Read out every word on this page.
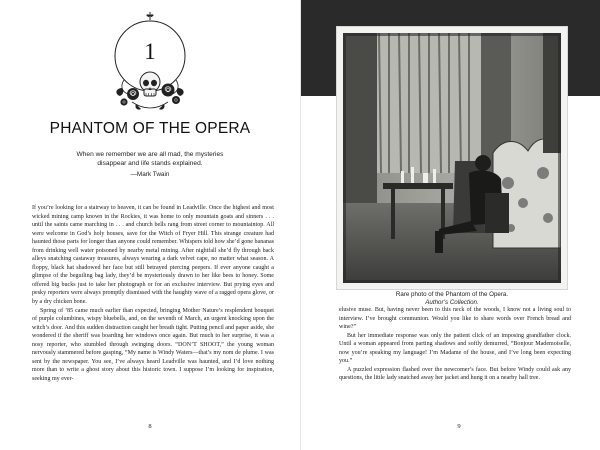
1
PHANTOM OF THE OPERA
When we remember we are all mad, the mysteries
disappear and life stands explained.
—Mark Twain

If you’re looking for a stairway to heaven, it can be found in Leadville. Once the highest and most wicked mining camp known in the Rockies, it was home to only mountain goats and sinners . . . until the saints came marching in . . . and church bells rang from street corner to mountaintop. All were welcome in God’s holy houses, save for the Witch of Fryer Hill. This strange creature had haunted those parts for longer than anyone could remember. Whispers told how she’d gone bananas from drinking well water poisoned by nearby metal mining. After nightfall she’d fly through back alleys snatching castaway treasures, always wearing a dark velvet cape, no matter what season. A floppy, black hat shadowed her face but still betrayed piercing peepers. If ever anyone caught a glimpse of the beguiling bag lady, they’d be mysteriously drawn to her like bees to honey. Some offered big bucks just to take her photograph or for an exclusive interview. But prying eyes and pesky reporters were always promptly dismissed with the haughty wave of a ragged opera glove, or by a dry chicken bone.

Spring of ’85 came much earlier than expected, bringing Mother Nature’s resplendent bouquet of purple columbines, wispy bluebells, and, on the seventh of March, an urgent knocking upon the witch’s door. And this sudden distraction caught her breath tight. Putting pencil and paper aside, she wondered if the sheriff was boarding her windows once again. But much to her surprise, it was a nosy reporter, who stumbled through swinging doors. “DON’T SHOOT,” the young woman nervously stammered before gasping, “My name is Windy Waters—that’s my nom de plume. I was sent by the newspaper. You see, I’ve always heard Leadville was haunted, and I’d love nothing more than to write a ghost story about this historic town. I suppose I’m looking for inspiration, seeking my ever-

8
Rare photo of the Phantom of the Opera.
Author’s Collection.

elusive muse. But, having never been to this neck of the woods, I know not a living soul to interview. I’ve brought communion. Would you like to share words over French bread and wine?”

But her immediate response was only the patient click of an imposing grandfather clock. Until a woman appeared from parting shadows and softly demurred, “Bonjour Mademoiselle, now you’re speaking my language! I’m Madame of the house, and I’ve long been expecting you.”

A puzzled expression flashed over the newcomer’s face. But before Windy could ask any questions, the little lady snatched away her jacket and hung it on a nearby hall tree.

9
